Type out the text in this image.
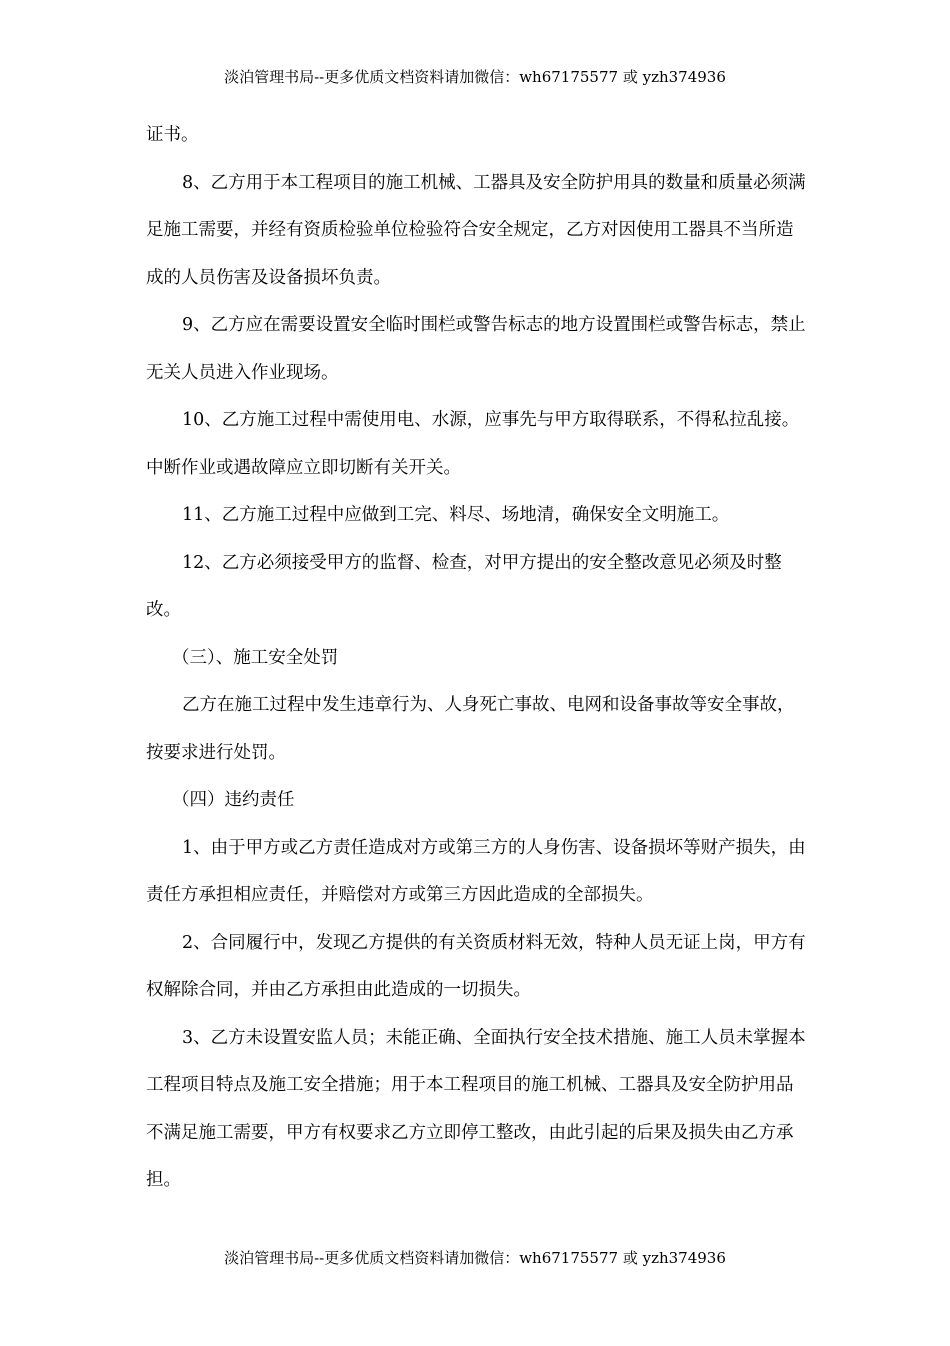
淡泊管理书局--更多优质文档资料请加微信：wh67175577 或 yzh374936

证书。

8、乙方用于本工程项目的施工机械、工器具及安全防护用具的数量和质量必须满足施工需要，并经有资质检验单位检验符合安全规定，乙方对因使用工器具不当所造成的人员伤害及设备损坏负责。

9、乙方应在需要设置安全临时围栏或警告标志的地方设置围栏或警告标志，禁止无关人员进入作业现场。

10、乙方施工过程中需使用电、水源，应事先与甲方取得联系，不得私拉乱接。中断作业或遇故障应立即切断有关开关。

11、乙方施工过程中应做到工完、料尽、场地清，确保安全文明施工。

12、乙方必须接受甲方的监督、检查，对甲方提出的安全整改意见必须及时整改。

（三）、施工安全处罚

乙方在施工过程中发生违章行为、人身死亡事故、电网和设备事故等安全事故，按要求进行处罚。

（四）违约责任

1、由于甲方或乙方责任造成对方或第三方的人身伤害、设备损坏等财产损失，由责任方承担相应责任，并赔偿对方或第三方因此造成的全部损失。

2、合同履行中，发现乙方提供的有关资质材料无效，特种人员无证上岗，甲方有权解除合同，并由乙方承担由此造成的一切损失。

3、乙方未设置安监人员；未能正确、全面执行安全技术措施、施工人员未掌握本工程项目特点及施工安全措施；用于本工程项目的施工机械、工器具及安全防护用品不满足施工需要，甲方有权要求乙方立即停工整改，由此引起的后果及损失由乙方承担。

淡泊管理书局--更多优质文档资料请加微信：wh67175577 或 yzh374936
